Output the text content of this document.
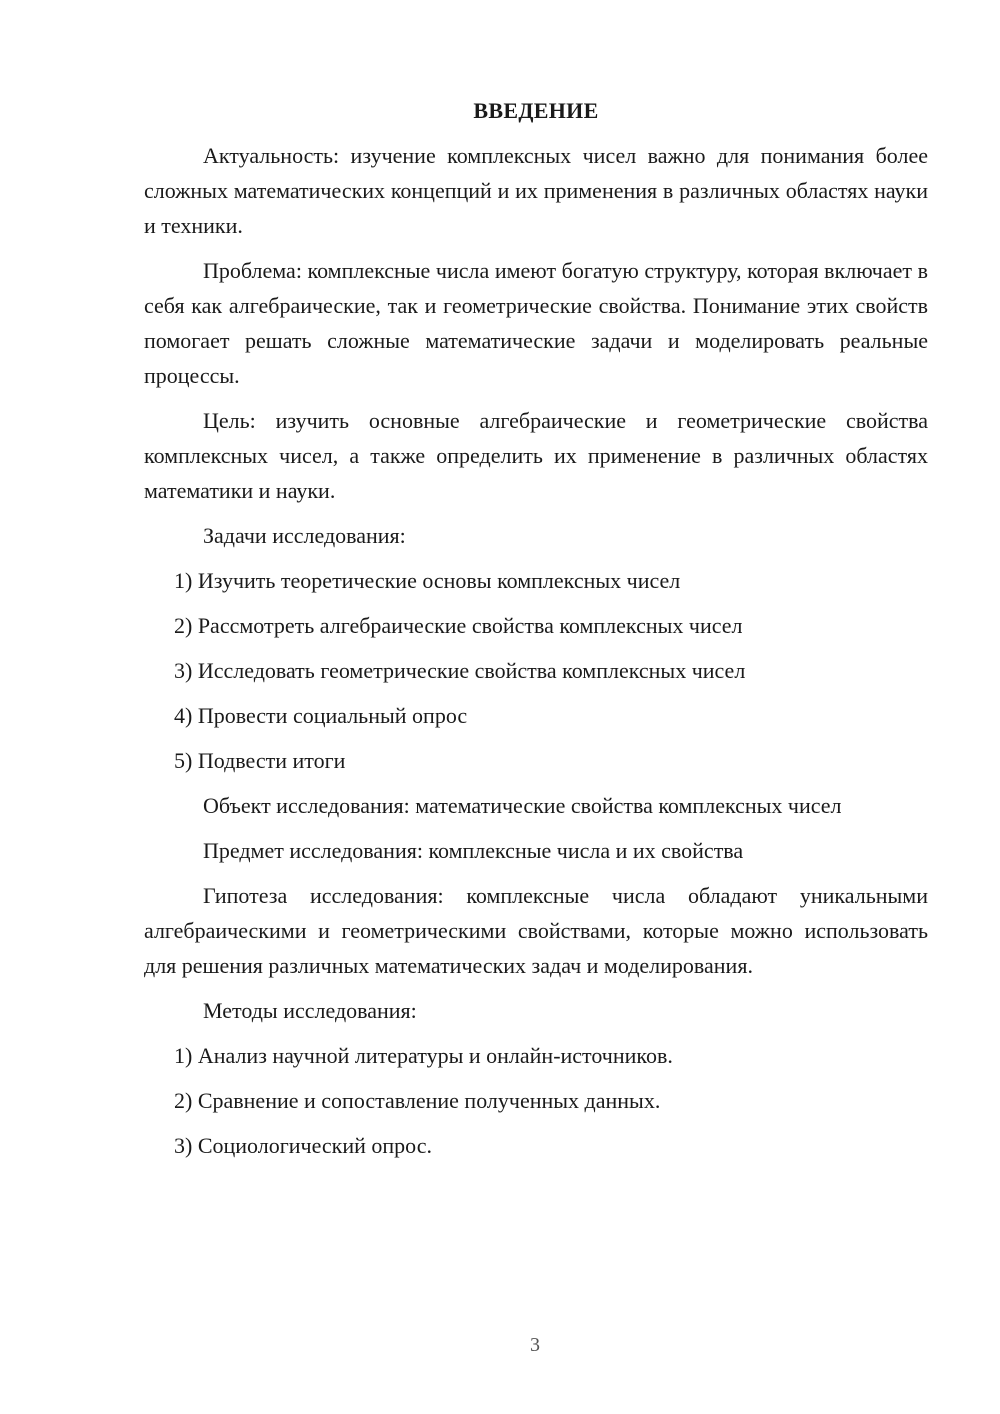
ВВЕДЕНИЕ

Актуальность: изучение комплексных чисел важно для понимания более сложных математических концепций и их применения в различных областях науки и техники.

Проблема: комплексные числа имеют богатую структуру, которая включает в себя как алгебраические, так и геометрические свойства. Понимание этих свойств помогает решать сложные математические задачи и моделировать реальные процессы.

Цель: изучить основные алгебраические и геометрические свойства комплексных чисел, а также определить их применение в различных областях математики и науки.

Задачи исследования:
1) Изучить теоретические основы комплексных чисел
2) Рассмотреть алгебраические свойства комплексных чисел
3) Исследовать геометрические свойства комплексных чисел
4) Провести социальный опрос
5) Подвести итоги
Объект исследования: математические свойства комплексных чисел
Предмет исследования: комплексные числа и их свойства

Гипотеза исследования: комплексные числа обладают уникальными алгебраическими и геометрическими свойствами, которые можно использовать для решения различных математических задач и моделирования.

Методы исследования:
1) Анализ научной литературы и онлайн-источников.
2) Сравнение и сопоставление полученных данных.
3) Социологический опрос.
3
